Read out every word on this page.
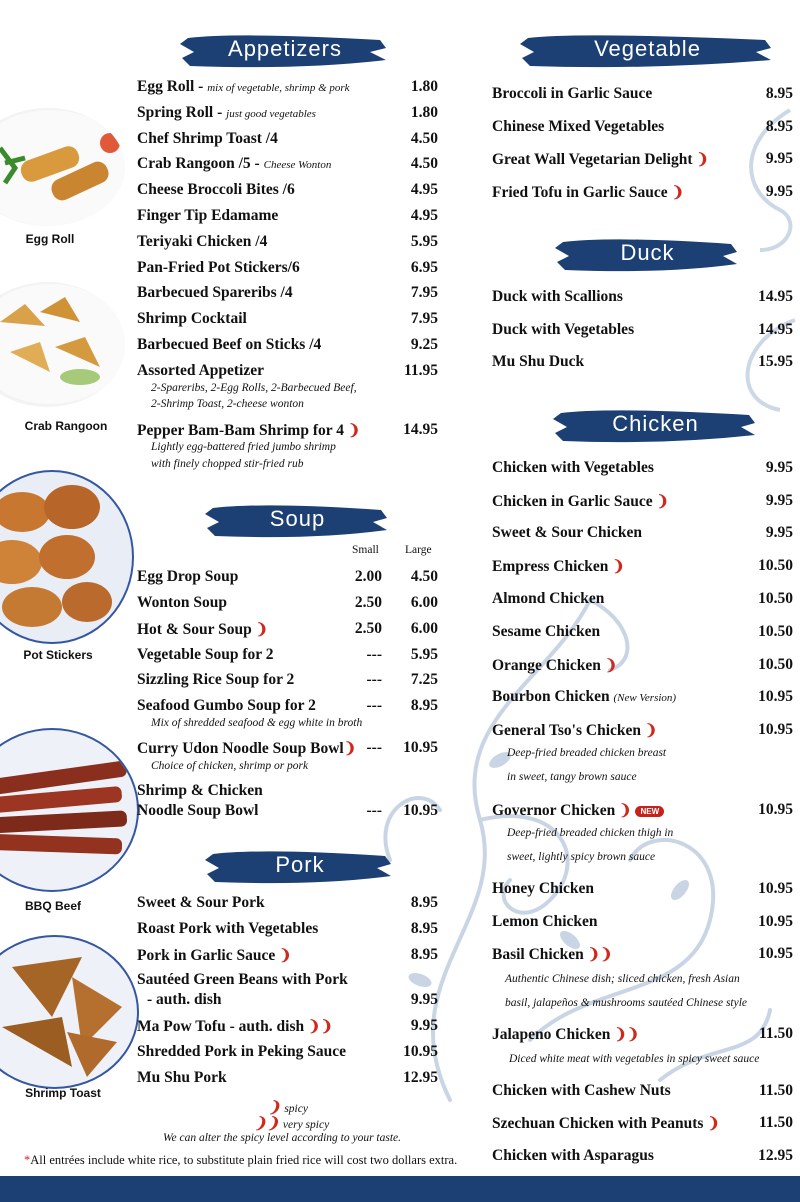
Egg Roll
Crab Rangoon
Pot Stickers
BBQ Beef
Shrimp Toast
Appetizers
Soup
Pork
Vegetable
Duck
Chicken
Egg Roll - mix of vegetable, shrimp & pork	1.80
Spring Roll - just good vegetables	1.80
Chef Shrimp Toast /4	4.50
Crab Rangoon /5 - Cheese Wonton	4.50
Cheese Broccoli Bites /6	4.95
Finger Tip Edamame	4.95
Teriyaki Chicken /4	5.95
Pan-Fried Pot Stickers/6	6.95
Barbecued Spareribs /4	7.95
Shrimp Cocktail	7.95
Barbecued Beef on Sticks /4	9.25
Assorted Appetizer	11.95
2-Spareribs, 2-Egg Rolls, 2-Barbecued Beef,
2-Shrimp Toast, 2-cheese wonton
Pepper Bam-Bam Shrimp for 4 ❩	14.95
Lightly egg-battered fried jumbo shrimp
with finely chopped stir-fried rub
Small Large
Egg Drop Soup	2.00	4.50
Wonton Soup	2.50	6.00
Hot & Sour Soup ❩	2.50	6.00
Vegetable Soup for 2	---	5.95
Sizzling Rice Soup for 2	---	7.25
Seafood Gumbo Soup for 2	---	8.95
Mix of shredded seafood & egg white in broth
Curry Udon Noodle Soup Bowl❩ ---	10.95
Choice of chicken, shrimp or pork
Shrimp & Chicken
Noodle Soup Bowl	---	10.95
Sweet & Sour Pork	8.95
Roast Pork with Vegetables	8.95
Pork in Garlic Sauce ❩	8.95
Sautéed Green Beans with Pork
- auth. dish	9.95
Ma Pow Tofu - auth. dish ❩❩	9.95
Shredded Pork in Peking Sauce	10.95
Mu Shu Pork	12.95
❩ spicy
❩❩ very spicy
We can alter the spicy level according to your taste.
*All entrées include white rice, to substitute plain fried rice will cost two dollars extra.
Broccoli in Garlic Sauce	8.95
Chinese Mixed Vegetables	8.95
Great Wall Vegetarian Delight ❩	9.95
Fried Tofu in Garlic Sauce ❩	9.95
Duck with Scallions	14.95
Duck with Vegetables	14.95
Mu Shu Duck	15.95
Chicken with Vegetables	9.95
Chicken in Garlic Sauce ❩	9.95
Sweet & Sour Chicken	9.95
Empress Chicken ❩	10.50
Almond Chicken	10.50
Sesame Chicken	10.50
Orange Chicken ❩	10.50
Bourbon Chicken (New Version)	10.95
General Tso's Chicken ❩	10.95
Deep-fried breaded chicken breast
in sweet, tangy brown sauce
Governor Chicken ❩ NEW	10.95
Deep-fried breaded chicken thigh in
sweet, lightly spicy brown sauce
Honey Chicken	10.95
Lemon Chicken	10.95
Basil Chicken ❩❩	10.95
Authentic Chinese dish; sliced chicken, fresh Asian
basil, jalapeños & mushrooms sautéed Chinese style
Jalapeno Chicken ❩❩	11.50
Diced white meat with vegetables in spicy sweet sauce
Chicken with Cashew Nuts	11.50
Szechuan Chicken with Peanuts ❩	11.50
Chicken with Asparagus	12.95
